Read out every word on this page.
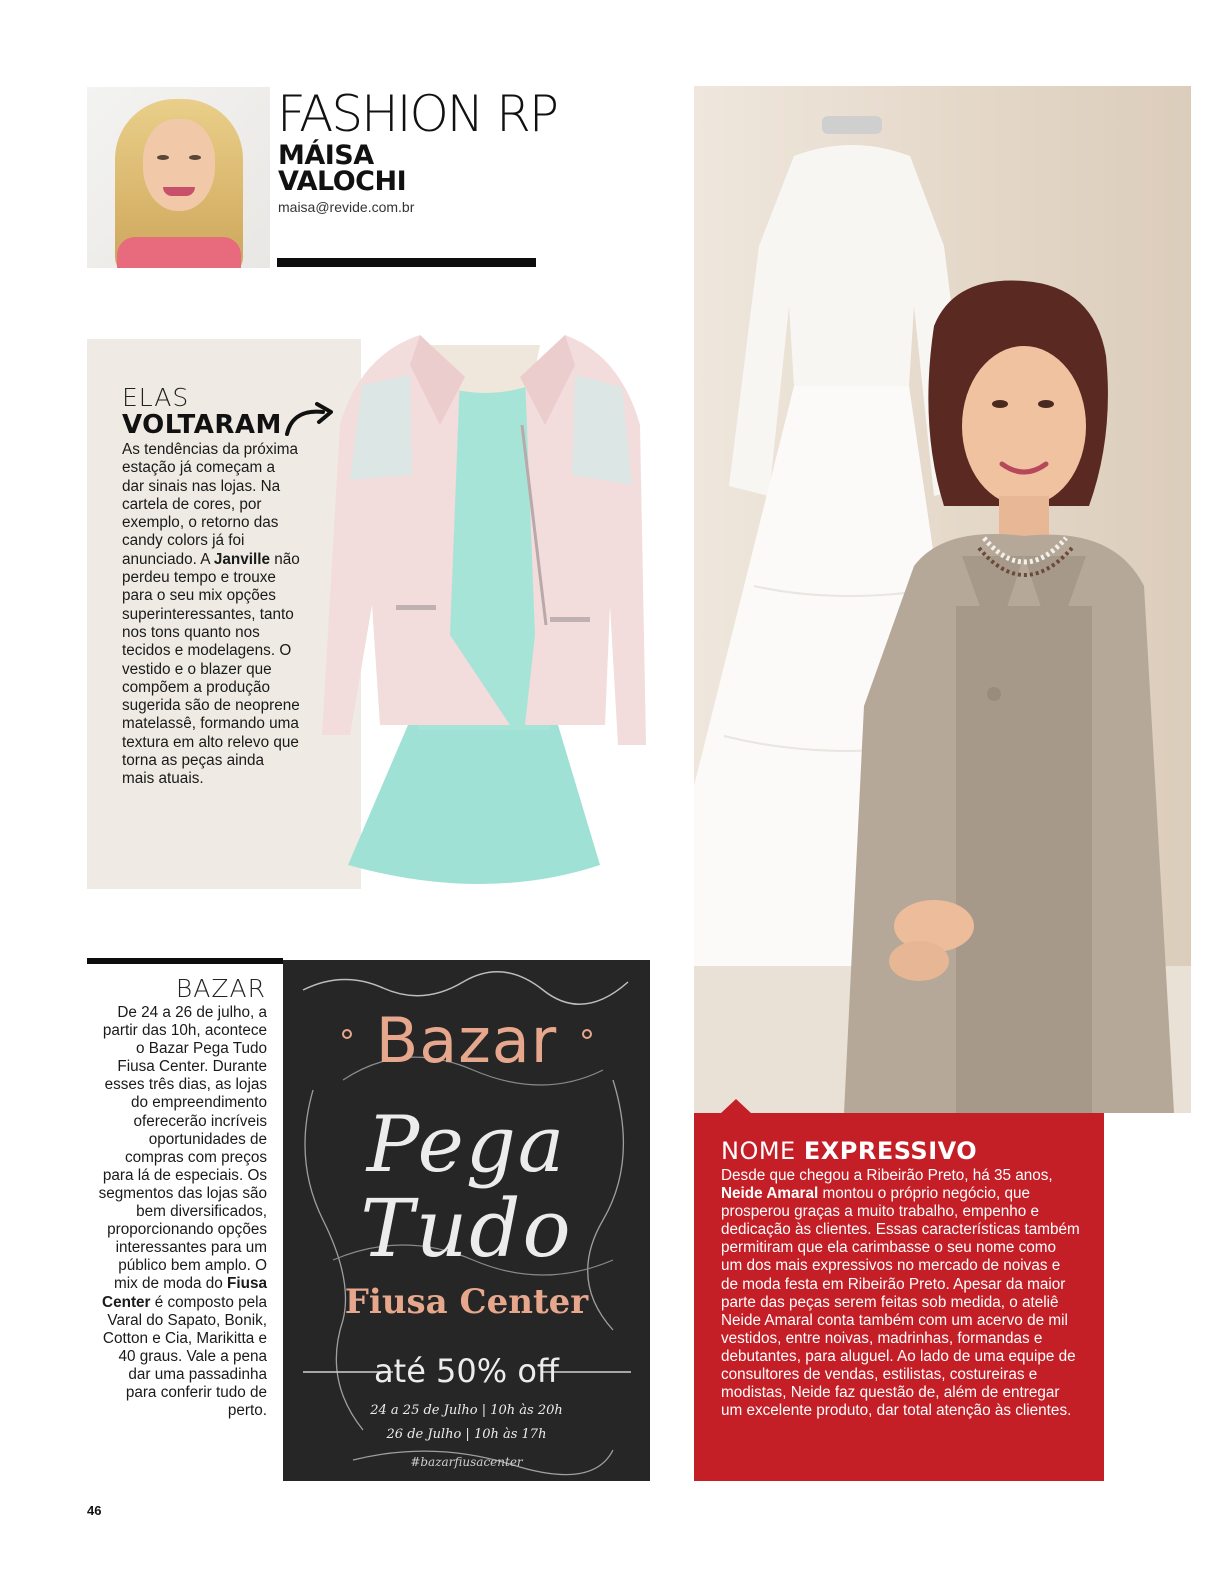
FASHION RP
MÁISA
VALOCHI
maisa@revide.com.br
ELAS
VOLTARAM
As tendências da próxima estação já começam a dar sinais nas lojas. Na cartela de cores, por exemplo, o retorno das candy colors já foi anunciado. A Janville não perdeu tempo e trouxe para o seu mix opções superinteressantes, tanto nos tons quanto nos tecidos e modelagens. O vestido e o blazer que compõem a produção sugerida são de neoprene matelassê, formando uma textura em alto relevo que torna as peças ainda mais atuais.
BAZAR
De 24 a 26 de julho, a partir das 10h, acontece o Bazar Pega Tudo Fiusa Center. Durante esses três dias, as lojas do empreendimento oferecerão incríveis oportunidades de compras com preços para lá de especiais. Os segmentos das lojas são bem diversificados, proporcionando opções interessantes para um público bem amplo. O mix de moda do Fiusa Center é composto pela Varal do Sapato, Bonik, Cotton e Cia, Marikitta e 40 graus. Vale a pena dar uma passadinha para conferir tudo de perto.
Bazar
Pega
Tudo
Fiusa Center
até 50% off
24 a 25 de Julho | 10h às 20h
26 de Julho | 10h às 17h
#bazarfiusacenter
NOME EXPRESSIVO
Desde que chegou a Ribeirão Preto, há 35 anos, Neide Amaral montou o próprio negócio, que prosperou graças a muito trabalho, empenho e dedicação às clientes. Essas características também permitiram que ela carimbasse o seu nome como um dos mais expressivos no mercado de noivas e de moda festa em Ribeirão Preto. Apesar da maior parte das peças serem feitas sob medida, o ateliê Neide Amaral conta também com um acervo de mil vestidos, entre noivas, madrinhas, formandas e debutantes, para aluguel. Ao lado de uma equipe de consultores de vendas, estilistas, costureiras e modistas, Neide faz questão de, além de entregar um excelente produto, dar total atenção às clientes.
46
